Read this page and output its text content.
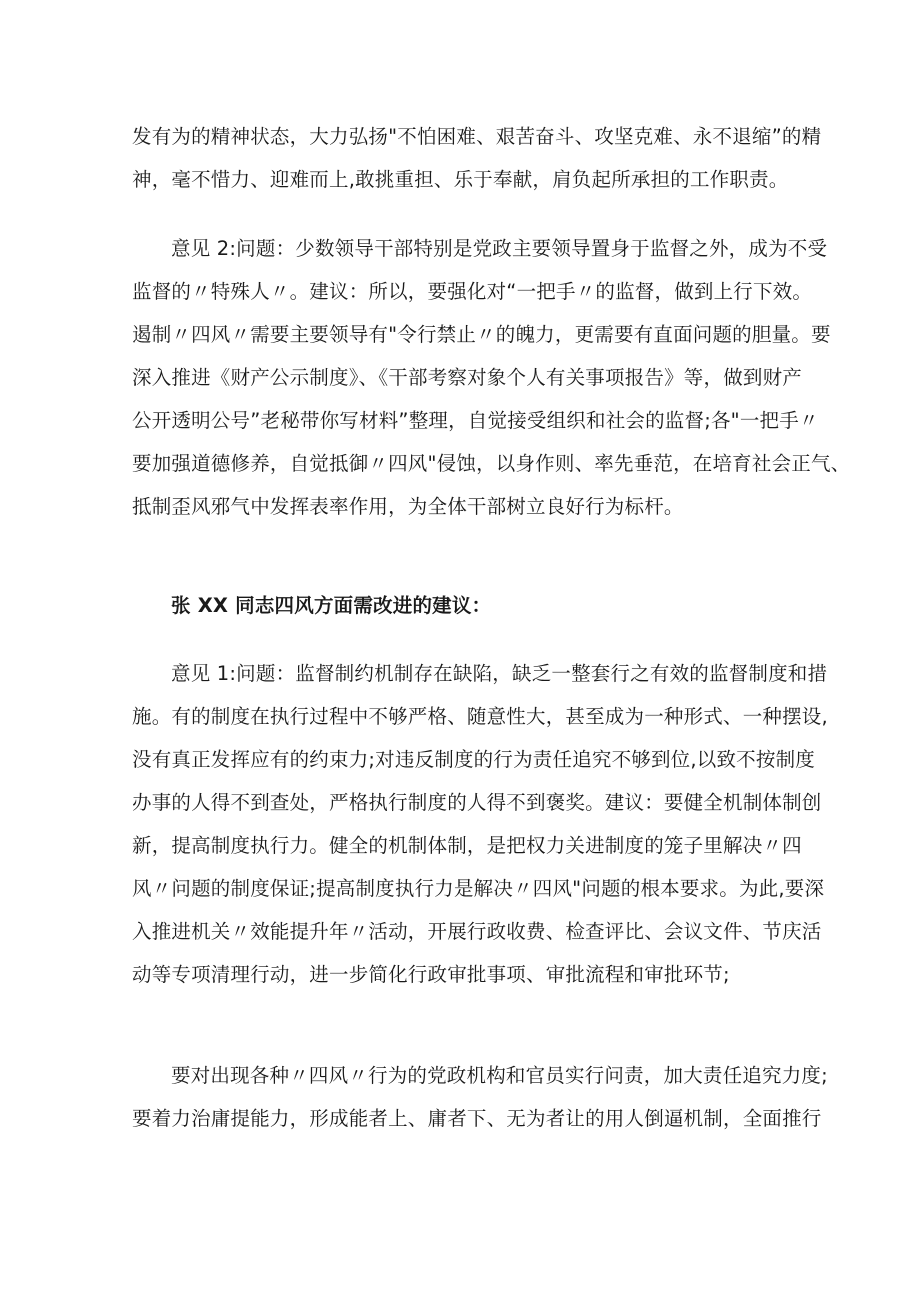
发有为的精神状态，大力弘扬"不怕困难、艰苦奋斗、攻坚克难、永不退缩”的精
神，毫不惜力、迎难而上,敢挑重担、乐于奉献，肩负起所承担的工作职责。
意见 2:问题：少数领导干部特别是党政主要领导置身于监督之外，成为不受
监督的〃特殊人〃。建议：所以，要强化对“一把手〃的监督，做到上行下效。
遏制〃四风〃需要主要领导有"令行禁止〃的魄力，更需要有直面问题的胆量。要
深入推进《财产公示制度》、《干部考察对象个人有关事项报告》等，做到财产
公开透明公号”老秘带你写材料”整理，自觉接受组织和社会的监督;各"一把手〃
要加强道德修养，自觉抵御〃四风"侵蚀，以身作则、率先垂范，在培育社会正气、
抵制歪风邪气中发挥表率作用，为全体干部树立良好行为标杆。
张 XX 同志四风方面需改进的建议：
意见 1:问题：监督制约机制存在缺陷，缺乏一整套行之有效的监督制度和措
施。有的制度在执行过程中不够严格、随意性大，甚至成为一种形式、一种摆设,
没有真正发挥应有的约束力;对违反制度的行为责任追究不够到位,以致不按制度
办事的人得不到查处，严格执行制度的人得不到褒奖。建议：要健全机制体制创
新，提高制度执行力。健全的机制体制，是把权力关进制度的笼子里解决〃四
风〃问题的制度保证;提高制度执行力是解决〃四风"问题的根本要求。为此,要深
入推进机关〃效能提升年〃活动，开展行政收费、检查评比、会议文件、节庆活
动等专项清理行动，进一步简化行政审批事项、审批流程和审批环节;
要对出现各种〃四风〃行为的党政机构和官员实行问责，加大责任追究力度;
要着力治庸提能力，形成能者上、庸者下、无为者让的用人倒逼机制，全面推行
